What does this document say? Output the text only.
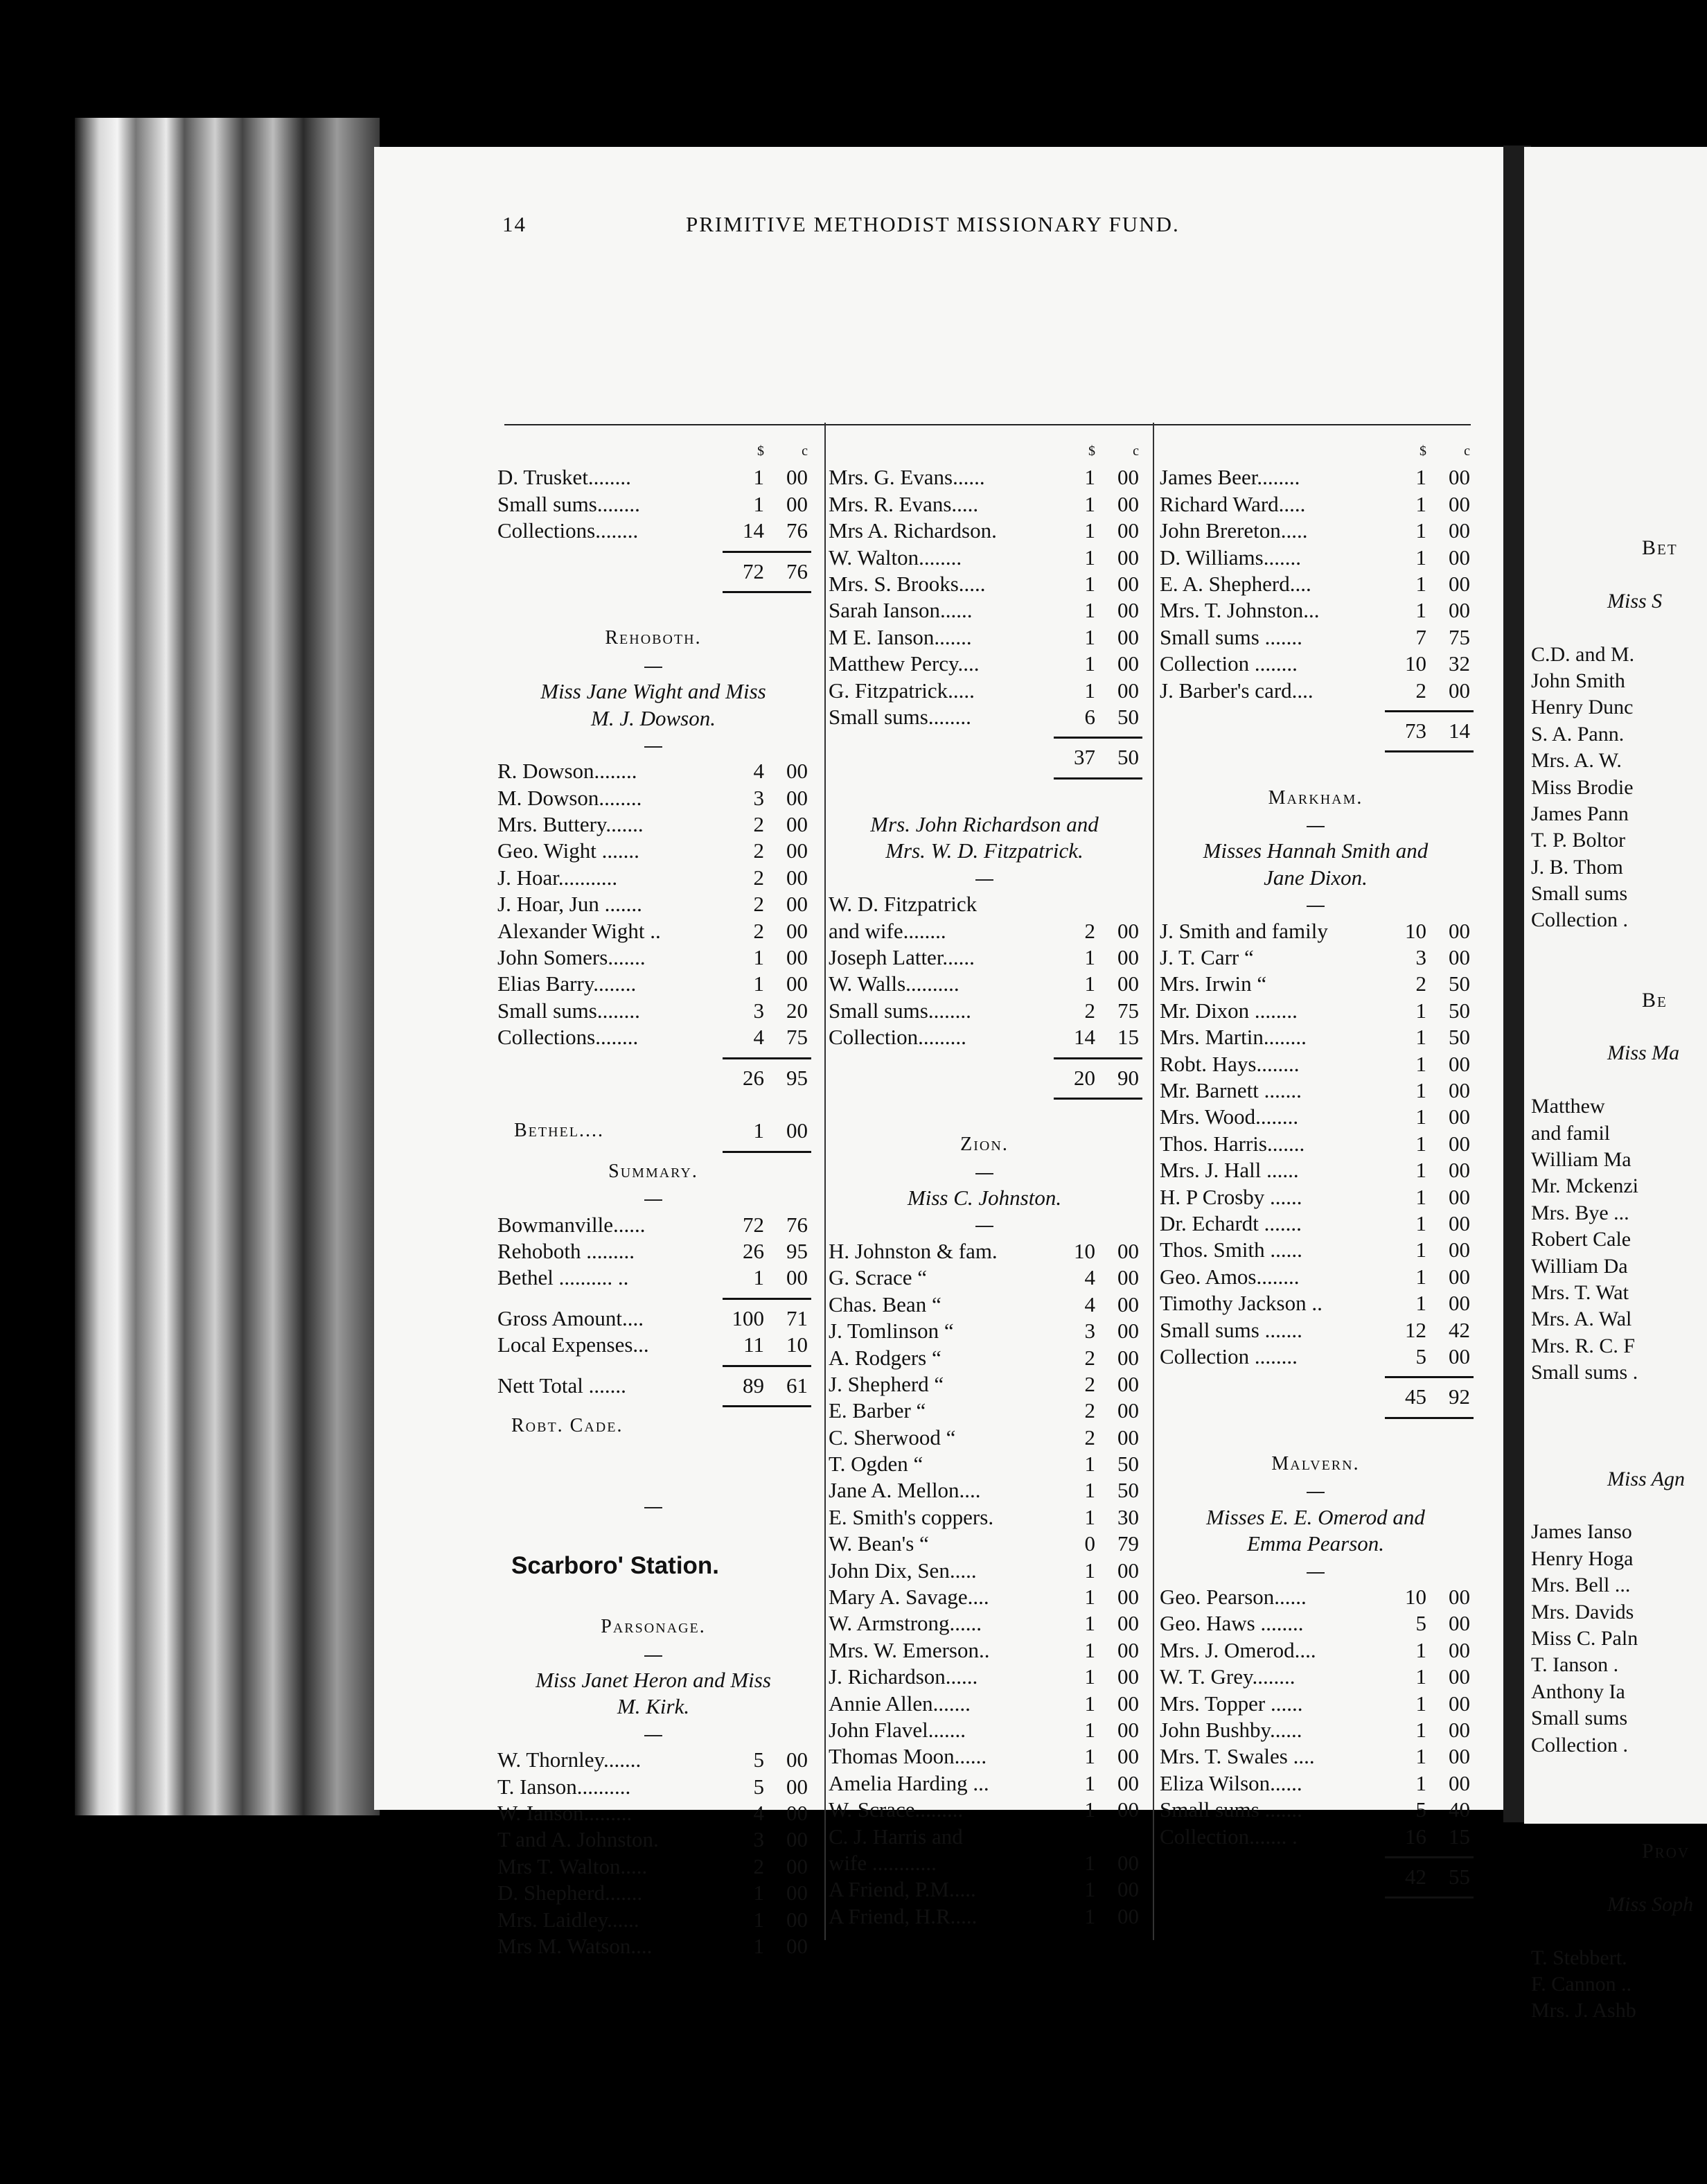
Bet
Miss S
C.D. and M.
John Smith
Henry Dunc
S. A. Pann.
Mrs. A. W.
Miss Brodie
James Pann
T. P. Boltor
J. B. Thom
Small sums
Collection .
Be
Miss Ma
Matthew
and famil
William Ma
Mr. Mckenzi
Mrs. Bye ...
Robert Cale
William Da
Mrs. T. Wat
Mrs. A. Wal
Mrs. R. C. F
Small sums .
Miss Agn
James Ianso
Henry Hoga
Mrs. Bell ...
Mrs. Davids
Miss C. Paln
T. Ianson .
Anthony Ia
Small sums
Collection .
Prov
Miss Soph
T. Stebbert.
F. Cannon ..
Mrs. J. Ashb
14	PRIMITIVE METHODIST MISSIONARY FUND.
$	c
D. Trusket........	1	00
Small sums........	1	00
Collections........	14	76
72	76
Rehoboth.
Miss Jane Wight and Miss
M. J. Dowson.
R. Dowson........	4	00
M. Dowson........	3	00
Mrs. Buttery.......	2	00
Geo. Wight .......	2	00
J. Hoar...........	2	00
J. Hoar, Jun .......	2	00
Alexander Wight ..	2	00
John Somers.......	1	00
Elias Barry........	1	00
Small sums........	3	20
Collections........	4	75
26	95
Bethel....	1	00
Summary.
Bowmanville......	72	76
Rehoboth .........	26	95
Bethel .......... ..	1	00
Gross Amount....	100	71
Local Expenses...	11	10
Nett Total .......	89	61
Robt. Cade.
Scarboro' Station.
Parsonage.
Miss Janet Heron and Miss
M. Kirk.
W. Thornley.......	5	00
T. Ianson..........	5	00
W. Ianson.........	4	00
T and A. Johnston.	3	00
Mrs T. Walton.....	2	00
D. Shepherd.......	1	00
Mrs. Laidley......	1	00
Mrs M. Watson....	1	00
$	c
Mrs. G. Evans......	1	00
Mrs. R. Evans.....	1	00
Mrs A. Richardson.	1	00
W. Walton........	1	00
Mrs. S. Brooks.....	1	00
Sarah Ianson......	1	00
M E. Ianson.......	1	00
Matthew Percy....	1	00
G. Fitzpatrick.....	1	00
Small sums........	6	50
37	50
Mrs. John Richardson and
Mrs. W. D. Fitzpatrick.
W. D. Fitzpatrick
and wife........	2	00
Joseph Latter......	1	00
W. Walls..........	1	00
Small sums........	2	75
Collection.........	14	15
20	90
Zion.
Miss C. Johnston.
H. Johnston & fam.	10	00
G. Scrace “	4	00
Chas. Bean “	4	00
J. Tomlinson “	3	00
A. Rodgers “	2	00
J. Shepherd “	2	00
E. Barber “	2	00
C. Sherwood “	2	00
T. Ogden “	1	50
Jane A. Mellon....	1	50
E. Smith's coppers.	1	30
W. Bean's “	0	79
John Dix, Sen.....	1	00
Mary A. Savage....	1	00
W. Armstrong......	1	00
Mrs. W. Emerson..	1	00
J. Richardson......	1	00
Annie Allen.......	1	00
John Flavel.......	1	00
Thomas Moon......	1	00
Amelia Harding ...	1	00
W. Scrace.........	1	00
C. J. Harris and
wife ............	1	00
A Friend, P.M.....	1	00
A Friend, H.R.....	1	00
$	c
James Beer........	1	00
Richard Ward.....	1	00
John Brereton.....	1	00
D. Williams.......	1	00
E. A. Shepherd....	1	00
Mrs. T. Johnston...	1	00
Small sums .......	7	75
Collection ........	10	32
J. Barber's card....	2	00
73	14
Markham.
Misses Hannah Smith and
Jane Dixon.
J. Smith and family	10	00
J. T. Carr “	3	00
Mrs. Irwin “	2	50
Mr. Dixon ........	1	50
Mrs. Martin........	1	50
Robt. Hays........	1	00
Mr. Barnett .......	1	00
Mrs. Wood........	1	00
Thos. Harris.......	1	00
Mrs. J. Hall ......	1	00
H. P Crosby ......	1	00
Dr. Echardt .......	1	00
Thos. Smith ......	1	00
Geo. Amos........	1	00
Timothy Jackson ..	1	00
Small sums .......	12	42
Collection ........	5	00
45	92
Malvern.
Misses E. E. Omerod and
Emma Pearson.
Geo. Pearson......	10	00
Geo. Haws ........	5	00
Mrs. J. Omerod....	1	00
W. T. Grey........	1	00
Mrs. Topper ......	1	00
John Bushby......	1	00
Mrs. T. Swales ....	1	00
Eliza Wilson......	1	00
Small sums .......	5	40
Collection....... .	16	15
42	55
